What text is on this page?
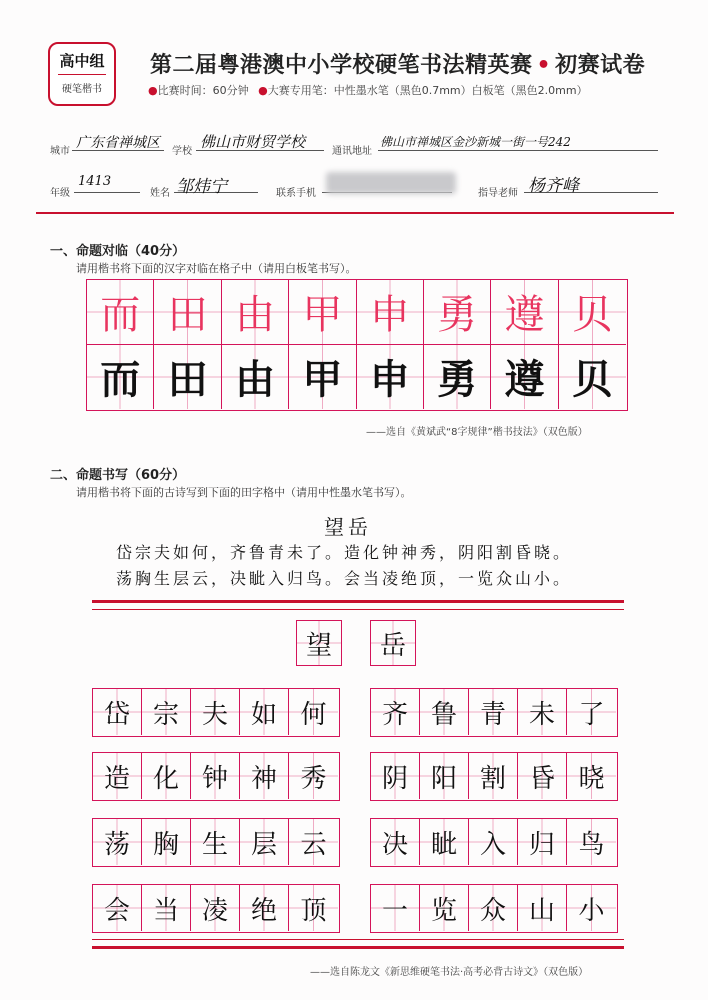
高中组
硬笔楷书
第二届粤港澳中小学校硬笔书法精英赛 • 初赛试卷
●比赛时间：60分钟 ●大赛专用笔：中性墨水笔（黑色0.7mm）白板笔（黑色2.0mm）
城市
广东省禅城区
学校
佛山市财贸学校
通讯地址
佛山市禅城区金沙新城一街一号242
年级
1413
姓名 邹炜宁	联系手机	指导老师 杨齐峰
一、命题对临（40分）
请用楷书将下面的汉字对临在格子中（请用白板笔书写）。
而 田 由 甲 申 勇 遵 贝
而 田 由 甲 申 勇 遵 贝
——选自《黄斌武“8字规律”楷书技法》（双色版）
二、命题书写（60分）
请用楷书将下面的古诗写到下面的田字格中（请用中性墨水笔书写）。
望岳
岱宗夫如何，齐鲁青未了。造化钟神秀，阴阳割昏晓。
荡胸生层云，决眦入归鸟。会当凌绝顶，一览众山小。
望	岳
岱 宗 夫 如 何
造 化 钟 神 秀
荡 胸 生 层 云
会 当 凌 绝 顶
齐 鲁 青 未 了
阴 阳 割 昏 晓
决 眦 入 归 鸟
一 览 众 山 小
——选自陈龙文《新思维硬笔书法·高考必背古诗文》（双色版）
